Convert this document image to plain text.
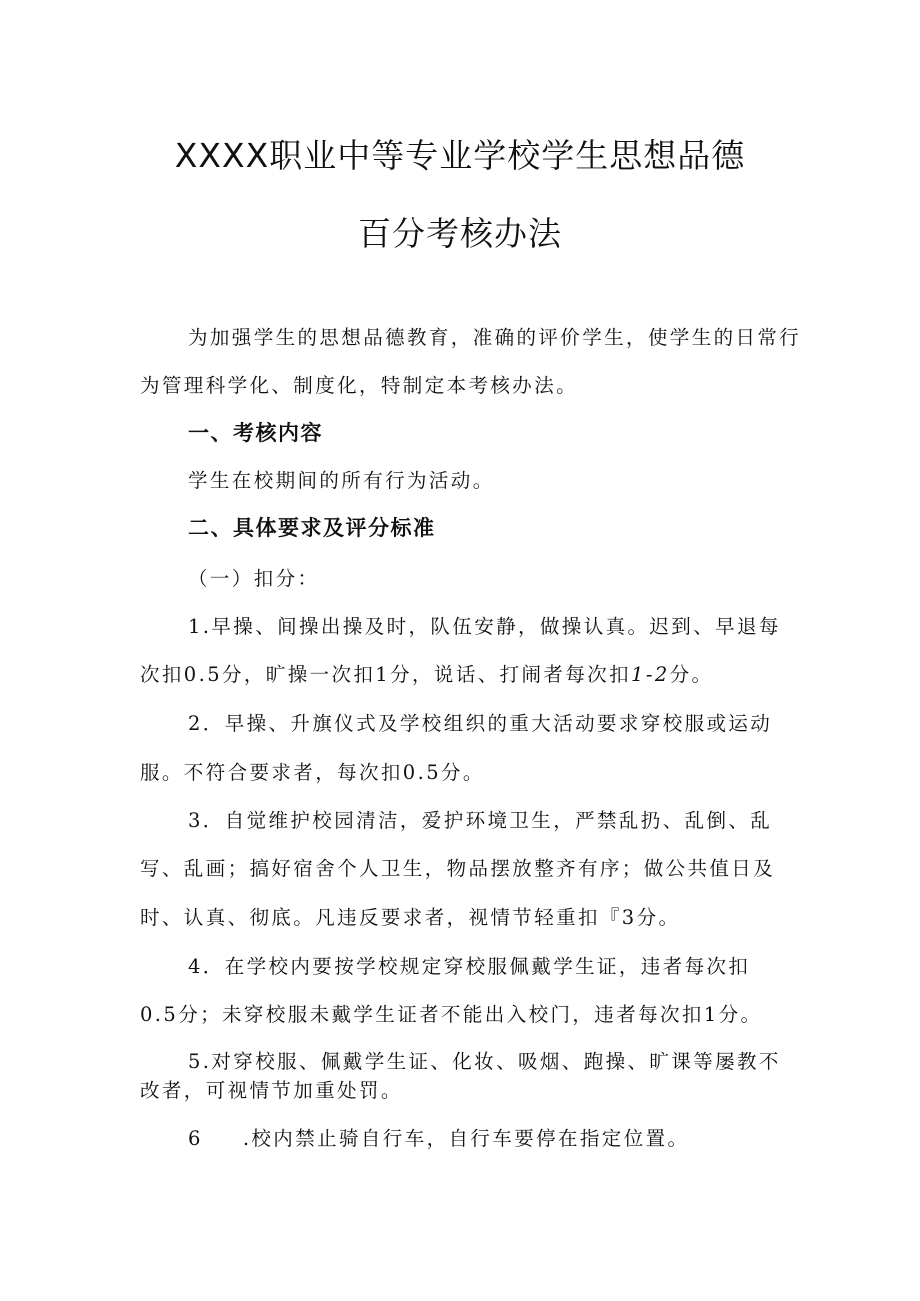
XXXX职业中等专业学校学生思想品德
百分考核办法
为加强学生的思想品德教育，准确的评价学生，使学生的日常行
为管理科学化、制度化，特制定本考核办法。
一、考核内容
学生在校期间的所有行为活动。
二、具体要求及评分标准
（一）扣分：
1.早操、间操出操及时，队伍安静，做操认真。迟到、早退每
次扣0.5分，旷操一次扣1分，说话、打闹者每次扣1-2分。
2．早操、升旗仪式及学校组织的重大活动要求穿校服或运动
服。不符合要求者，每次扣0.5分。
3．自觉维护校园清洁，爱护环境卫生，严禁乱扔、乱倒、乱
写、乱画；搞好宿舍个人卫生，物品摆放整齐有序；做公共值日及
时、认真、彻底。凡违反要求者，视情节轻重扣『3分。
4．在学校内要按学校规定穿校服佩戴学生证，违者每次扣
0.5分；未穿校服未戴学生证者不能出入校门，违者每次扣1分。
5.对穿校服、佩戴学生证、化妆、吸烟、跑操、旷课等屡教不
改者，可视情节加重处罚。
6 .校内禁止骑自行车，自行车要停在指定位置。
